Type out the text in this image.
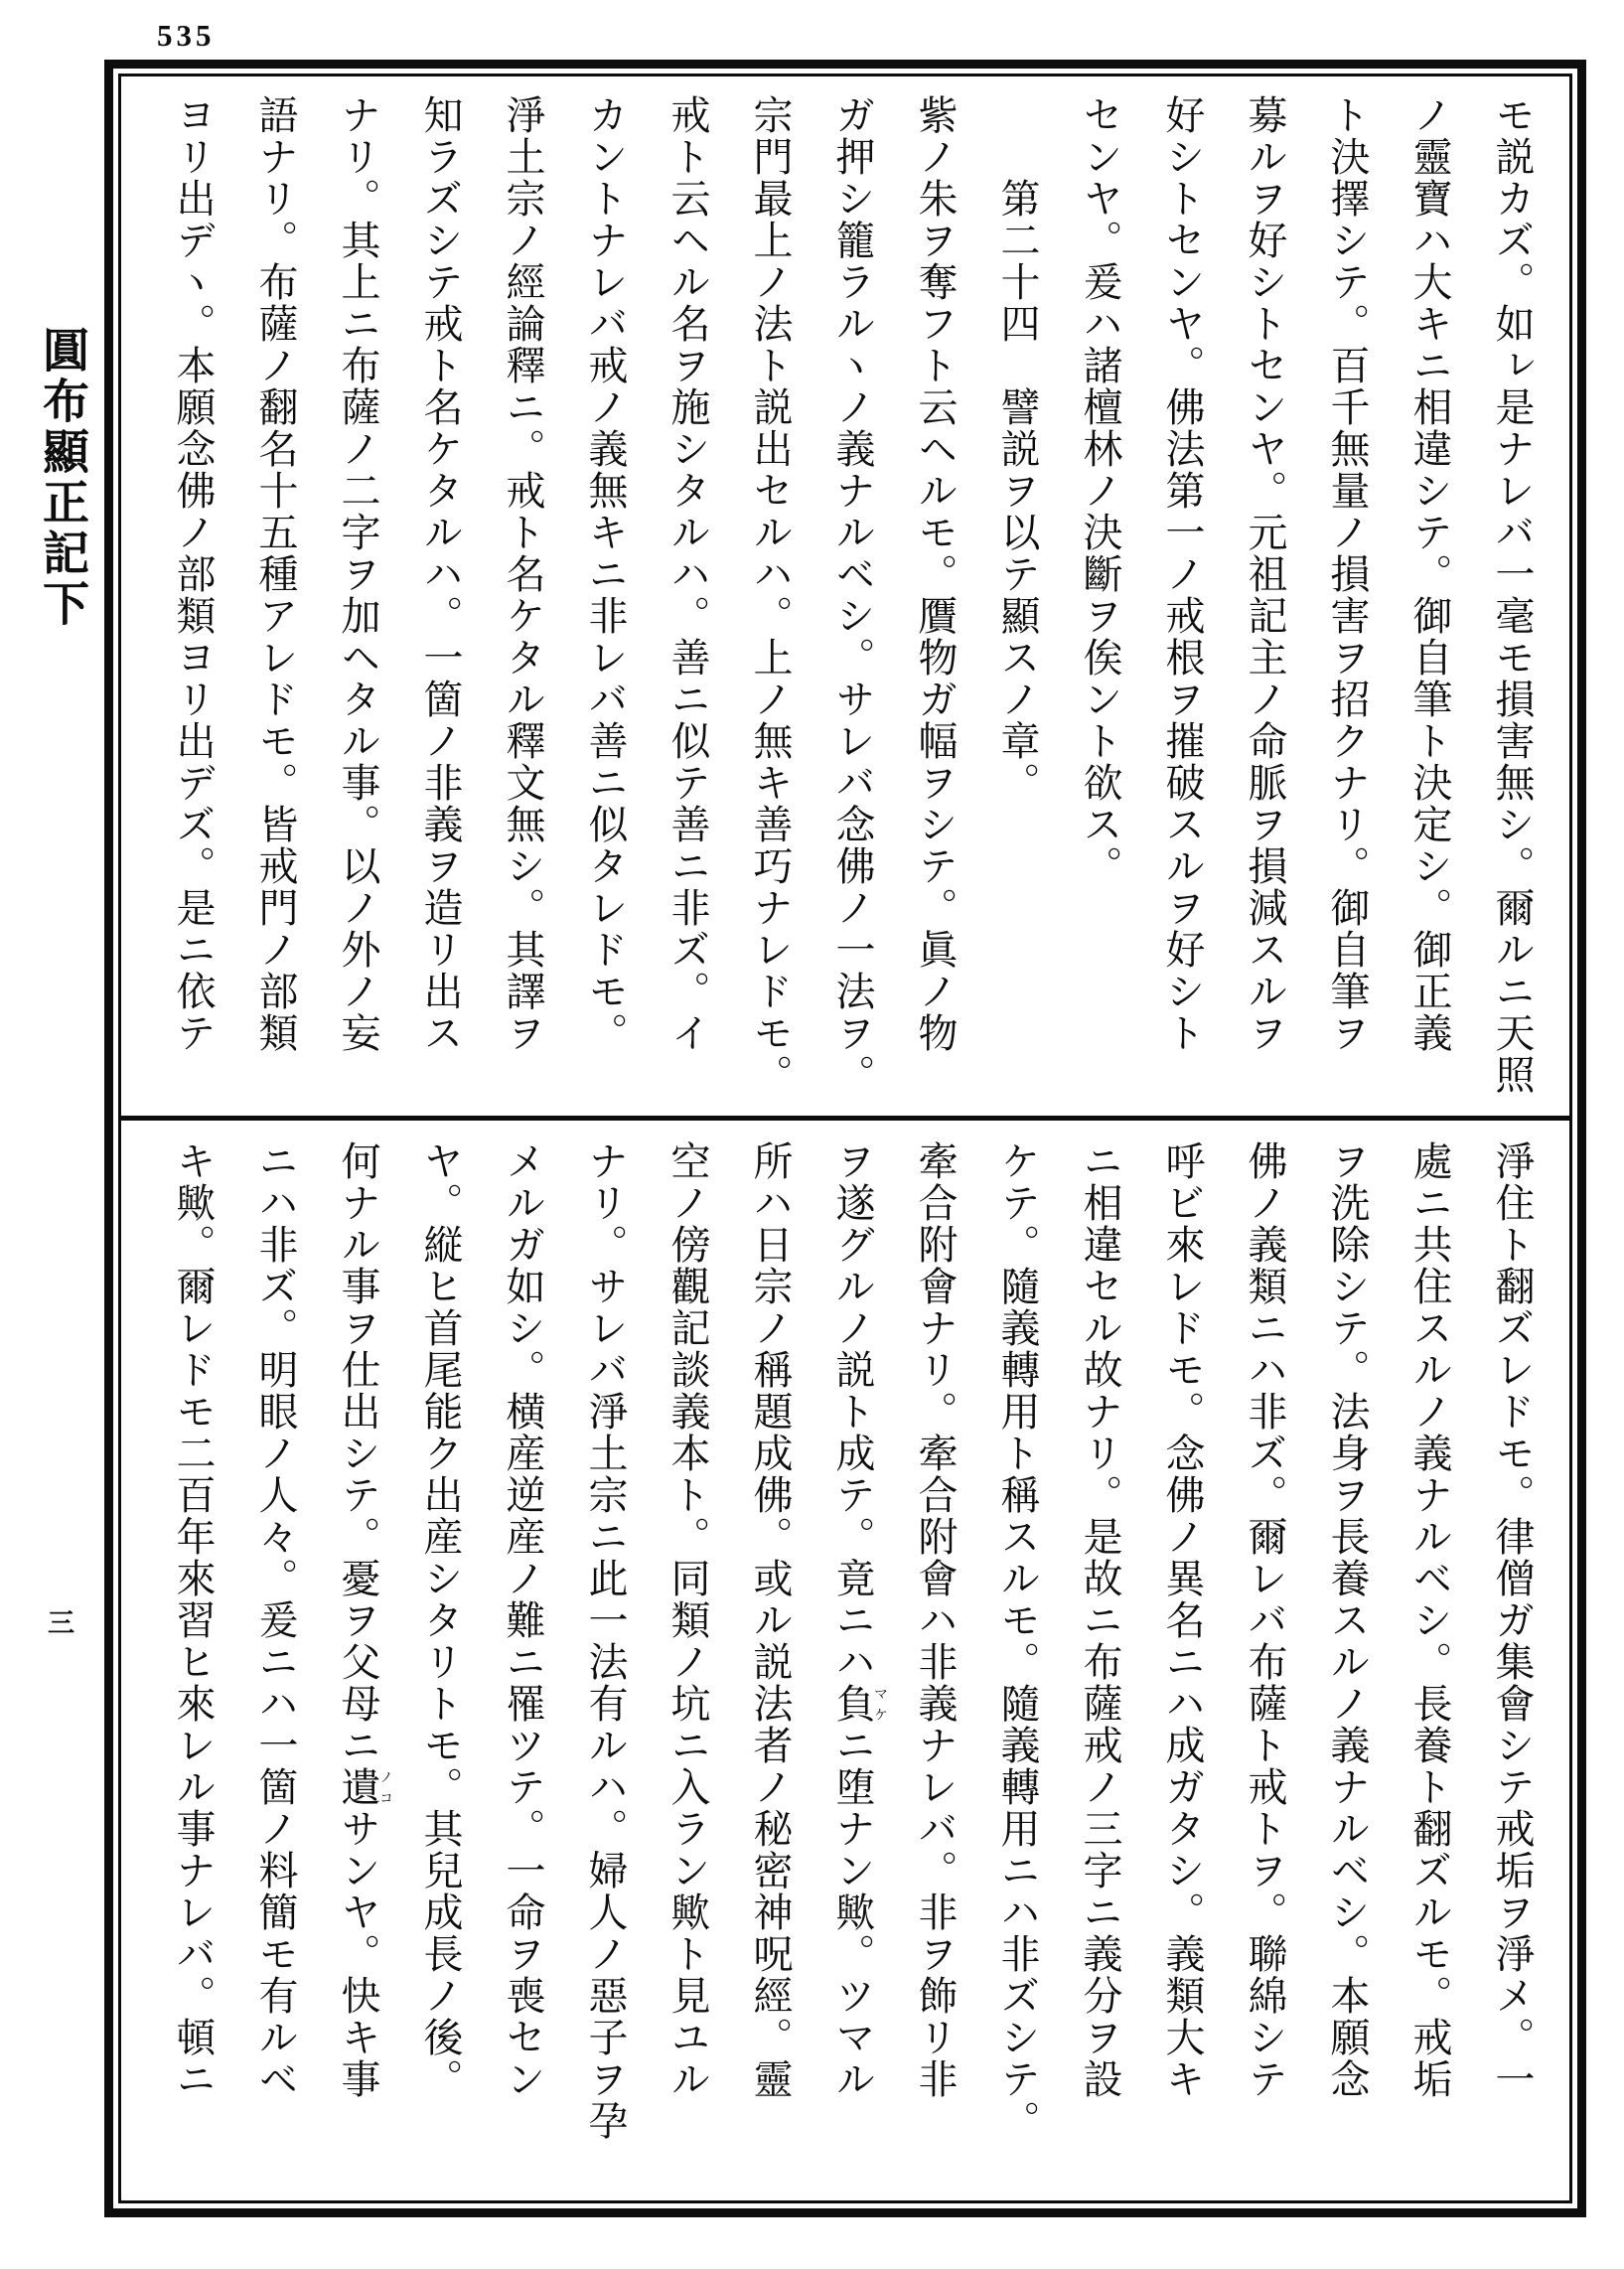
535
圓布顯正記下
三
モ説カズ。如ㇾ是ナレバ一毫モ損害無シ。爾ルニ天照
ノ靈寶ハ大キニ相違シテ。御自筆ト決定シ。御正義
ト決擇シテ。百千無量ノ損害ヲ招クナリ。御自筆ヲ
募ルヲ好シトセンヤ。元祖記主ノ命脈ヲ損減スルヲ
好シトセンヤ。佛法第一ノ戒根ヲ摧破スルヲ好シト
センヤ。爰ハ諸檀林ノ決斷ヲ俟ント欲ス。
　　第二十四　譬説ヲ以テ顯スノ章。
紫ノ朱ヲ奪フト云ヘルモ。贋物ガ幅ヲシテ。眞ノ物
ガ押シ籠ラルヽノ義ナルベシ。サレバ念佛ノ一法ヲ。
宗門最上ノ法ト説出セルハ。上ノ無キ善巧ナレドモ。
戒ト云ヘル名ヲ施シタルハ。善ニ似テ善ニ非ズ。イ
カントナレバ戒ノ義無キニ非レバ善ニ似タレドモ。
淨土宗ノ經論釋ニ。戒ト名ケタル釋文無シ。其譯ヲ
知ラズシテ戒ト名ケタルハ。一箇ノ非義ヲ造リ出ス
ナリ。其上ニ布薩ノ二字ヲ加ヘタル事。以ノ外ノ妄
語ナリ。布薩ノ翻名十五種アレドモ。皆戒門ノ部類
ヨリ出デヽ。本願念佛ノ部類ヨリ出デズ。是ニ依テ
淨住ト翻ズレドモ。律僧ガ集會シテ戒垢ヲ淨メ。一
處ニ共住スルノ義ナルベシ。長養ト翻ズルモ。戒垢
ヲ洗除シテ。法身ヲ長養スルノ義ナルベシ。本願念
佛ノ義類ニハ非ズ。爾レバ布薩ト戒トヲ。聯綿シテ
呼ビ來レドモ。念佛ノ異名ニハ成ガタシ。義類大キ
ニ相違セル故ナリ。是故ニ布薩戒ノ三字ニ義分ヲ設
ケテ。隨義轉用ト稱スルモ。隨義轉用ニハ非ズシテ。
牽合附會ナリ。牽合附會ハ非義ナレバ。非ヲ飾リ非
ヲ遂グルノ説ト成テ。竟ニハ負マケニ堕ナン歟。ツマル
所ハ日宗ノ稱題成佛。或ル説法者ノ秘密神呪經。靈
空ノ傍觀記談義本ト。同類ノ坑ニ入ラン歟ト見ユル
ナリ。サレバ淨土宗ニ此一法有ルハ。婦人ノ惡子ヲ孕
メルガ如シ。横産逆産ノ難ニ罹ツテ。一命ヲ喪セン
ヤ。縦ヒ首尾能ク出産シタリトモ。其兒成長ノ後。
何ナル事ヲ仕出シテ。憂ヲ父母ニ遺ノコサンヤ。快キ事
ニハ非ズ。明眼ノ人々。爰ニハ一箇ノ料簡モ有ルベ
キ歟。爾レドモ二百年來習ヒ來レル事ナレバ。頓ニ
